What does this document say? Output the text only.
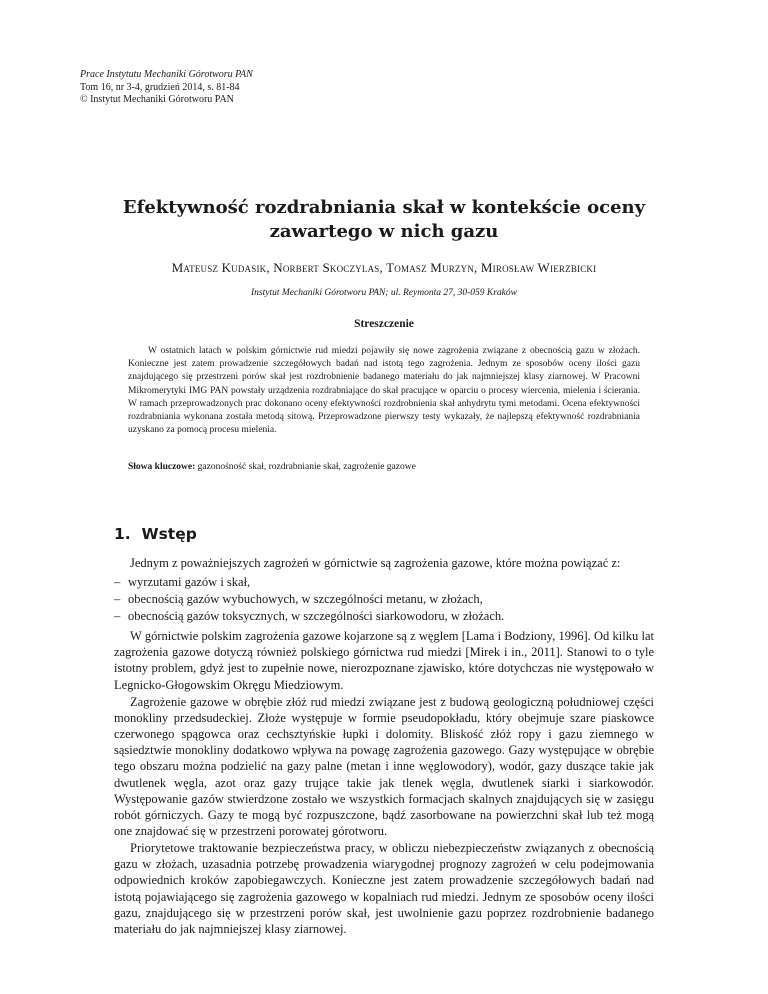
Prace Instytutu Mechaniki Górotworu PAN
Tom 16, nr 3-4, grudzień 2014, s. 81-84
© Instytut Mechaniki Górotworu PAN
Efektywność rozdrabniania skał w kontekście oceny
zawartego w nich gazu
Mateusz Kudasik, Norbert Skoczylas, Tomasz Murzyn, Mirosław Wierzbicki
Instytut Mechaniki Górotworu PAN; ul. Reymonta 27, 30-059 Kraków
Streszczenie

W ostatnich latach w polskim górnictwie rud miedzi pojawiły się nowe zagrożenia związane z obecnością gazu w złożach. Konieczne jest zatem prowadzenie szczegółowych badań nad istotą tego zagrożenia. Jednym ze sposobów oceny ilości gazu znajdującego się przestrzeni porów skał jest rozdrobnienie badanego materiału do jak najmniejszej klasy ziarnowej. W Pracowni Mikromerytyki IMG PAN powstały urządzenia rozdrabniające do skał pracujące w oparciu o procesy wiercenia, mielenia i ścierania. W ramach przeprowadzonych prac dokonano oceny efektywności rozdrobnienia skał anhydrytu tymi metodami. Ocena efektywności rozdrabniania wykonana została metodą sitową. Przeprowadzone pierwszy testy wykazały, że najlepszą efektywność rozdrabniania uzyskano za pomocą procesu mielenia.

Słowa kluczowe: gazonośność skał, rozdrabnianie skał, zagrożenie gazowe

1. Wstęp

Jednym z poważniejszych zagrożeń w górnictwie są zagrożenia gazowe, które można powiązać z:

– wyrzutami gazów i skał,
– obecnością gazów wybuchowych, w szczególności metanu, w złożach,
– obecnością gazów toksycznych, w szczególności siarkowodoru, w złożach.

W górnictwie polskim zagrożenia gazowe kojarzone są z węglem [Lama i Bodziony, 1996]. Od kilku lat zagrożenia gazowe dotyczą również polskiego górnictwa rud miedzi [Mirek i in., 2011]. Stanowi to o tyle istotny problem, gdyż jest to zupełnie nowe, nierozpoznane zjawisko, które dotychczas nie występowało w Legnicko-Głogowskim Okręgu Miedziowym.

Zagrożenie gazowe w obrębie złóż rud miedzi związane jest z budową geologiczną południowej części monokliny przedsudeckiej. Złoże występuje w formie pseudopokładu, który obejmuje szare piaskowce czerwonego spągowca oraz cechsztyńskie łupki i dolomity. Bliskość złóż ropy i gazu ziemnego w sąsiedztwie monokliny dodatkowo wpływa na powagę zagrożenia gazowego. Gazy występujące w obrębie tego obszaru można podzielić na gazy palne (metan i inne węglowodory), wodór, gazy duszące takie jak dwutlenek węgla, azot oraz gazy trujące takie jak tlenek węgla, dwutlenek siarki i siarkowodór. Występowanie gazów stwierdzone zostało we wszystkich formacjach skalnych znajdujących się w zasięgu robót górniczych. Gazy te mogą być rozpuszczone, bądź zasorbowane na powierzchni skał lub też mogą one znajdować się w przestrzeni porowatej górotworu.

Priorytetowe traktowanie bezpieczeństwa pracy, w obliczu niebezpieczeństw związanych z obecnością gazu w złożach, uzasadnia potrzebę prowadzenia wiarygodnej prognozy zagrożeń w celu podejmowania odpowiednich kroków zapobiegawczych. Konieczne jest zatem prowadzenie szczegółowych badań nad istotą pojawiającego się zagrożenia gazowego w kopalniach rud miedzi. Jednym ze sposobów oceny ilości gazu, znajdującego się w przestrzeni porów skał, jest uwolnienie gazu poprzez rozdrobnienie badanego materiału do jak najmniejszej klasy ziarnowej.
